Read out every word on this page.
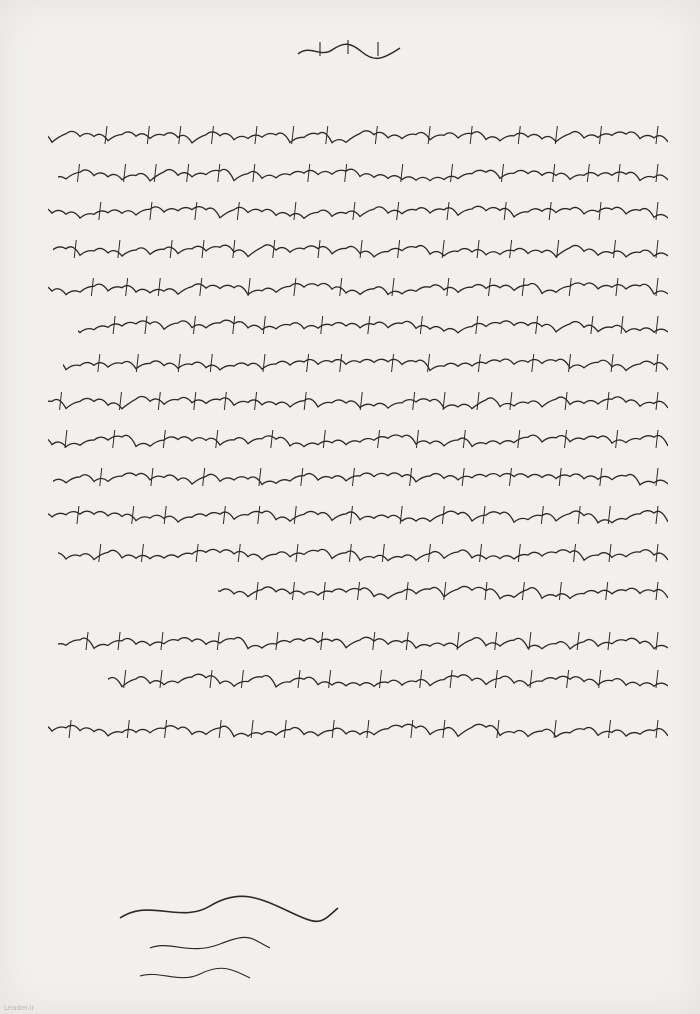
Leader.ir
